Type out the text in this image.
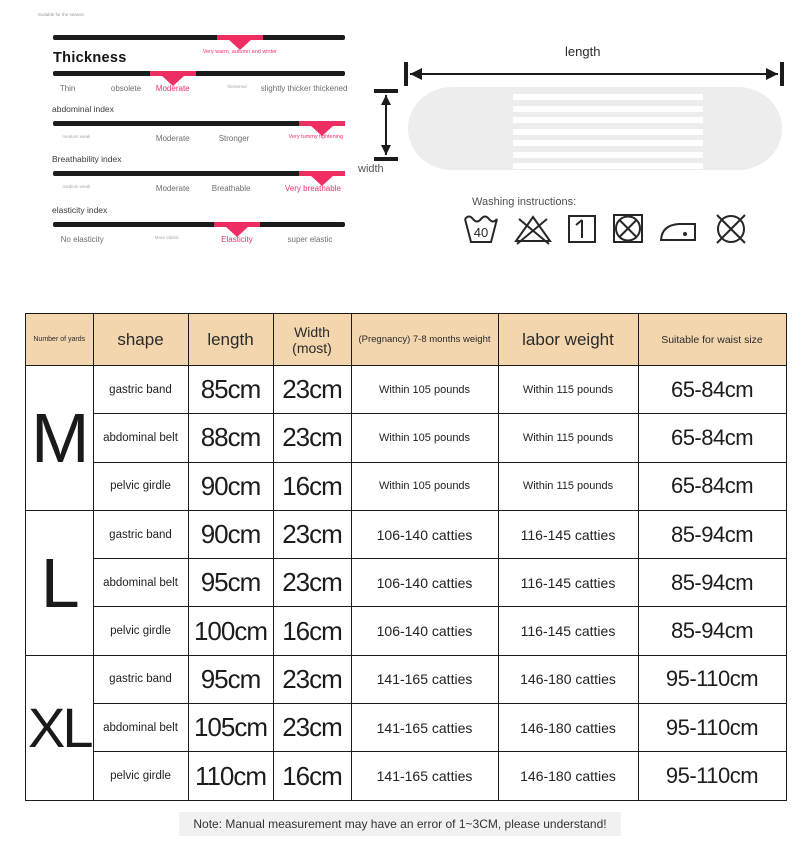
Suitable for the season
Very warm, autumn and winter
Thickness
Thin	obsolete Moderate	thickened slightly thicker thickened
abdominal index
medium weak	Moderate	Stronger	Very tummy tightening
Breathability index
medium weak	Moderate	Breathable	Very breathable
elasticity index
No elasticity	More elastic	Elasticity	super elastic
length
width
Washing instructions:
40
Number of yards	shape	length	Width (most)	(Pregnancy) 7-8 months weight	labor weight	Suitable for waist size
M	gastric band	85cm	23cm	Within 105 pounds	Within 115 pounds	65-84cm
	abdominal belt	88cm	23cm	Within 105 pounds	Within 115 pounds	65-84cm
	pelvic girdle	90cm	16cm	Within 105 pounds	Within 115 pounds	65-84cm
L	gastric band	90cm	23cm	106-140 catties	116-145 catties	85-94cm
	abdominal belt	95cm	23cm	106-140 catties	116-145 catties	85-94cm
	pelvic girdle	100cm	16cm	106-140 catties	116-145 catties	85-94cm
XL	gastric band	95cm	23cm	141-165 catties	146-180 catties	95-110cm
	abdominal belt	105cm	23cm	141-165 catties	146-180 catties	95-110cm
	pelvic girdle	110cm	16cm	141-165 catties	146-180 catties	95-110cm
Note: Manual measurement may have an error of 1~3CM, please understand!
